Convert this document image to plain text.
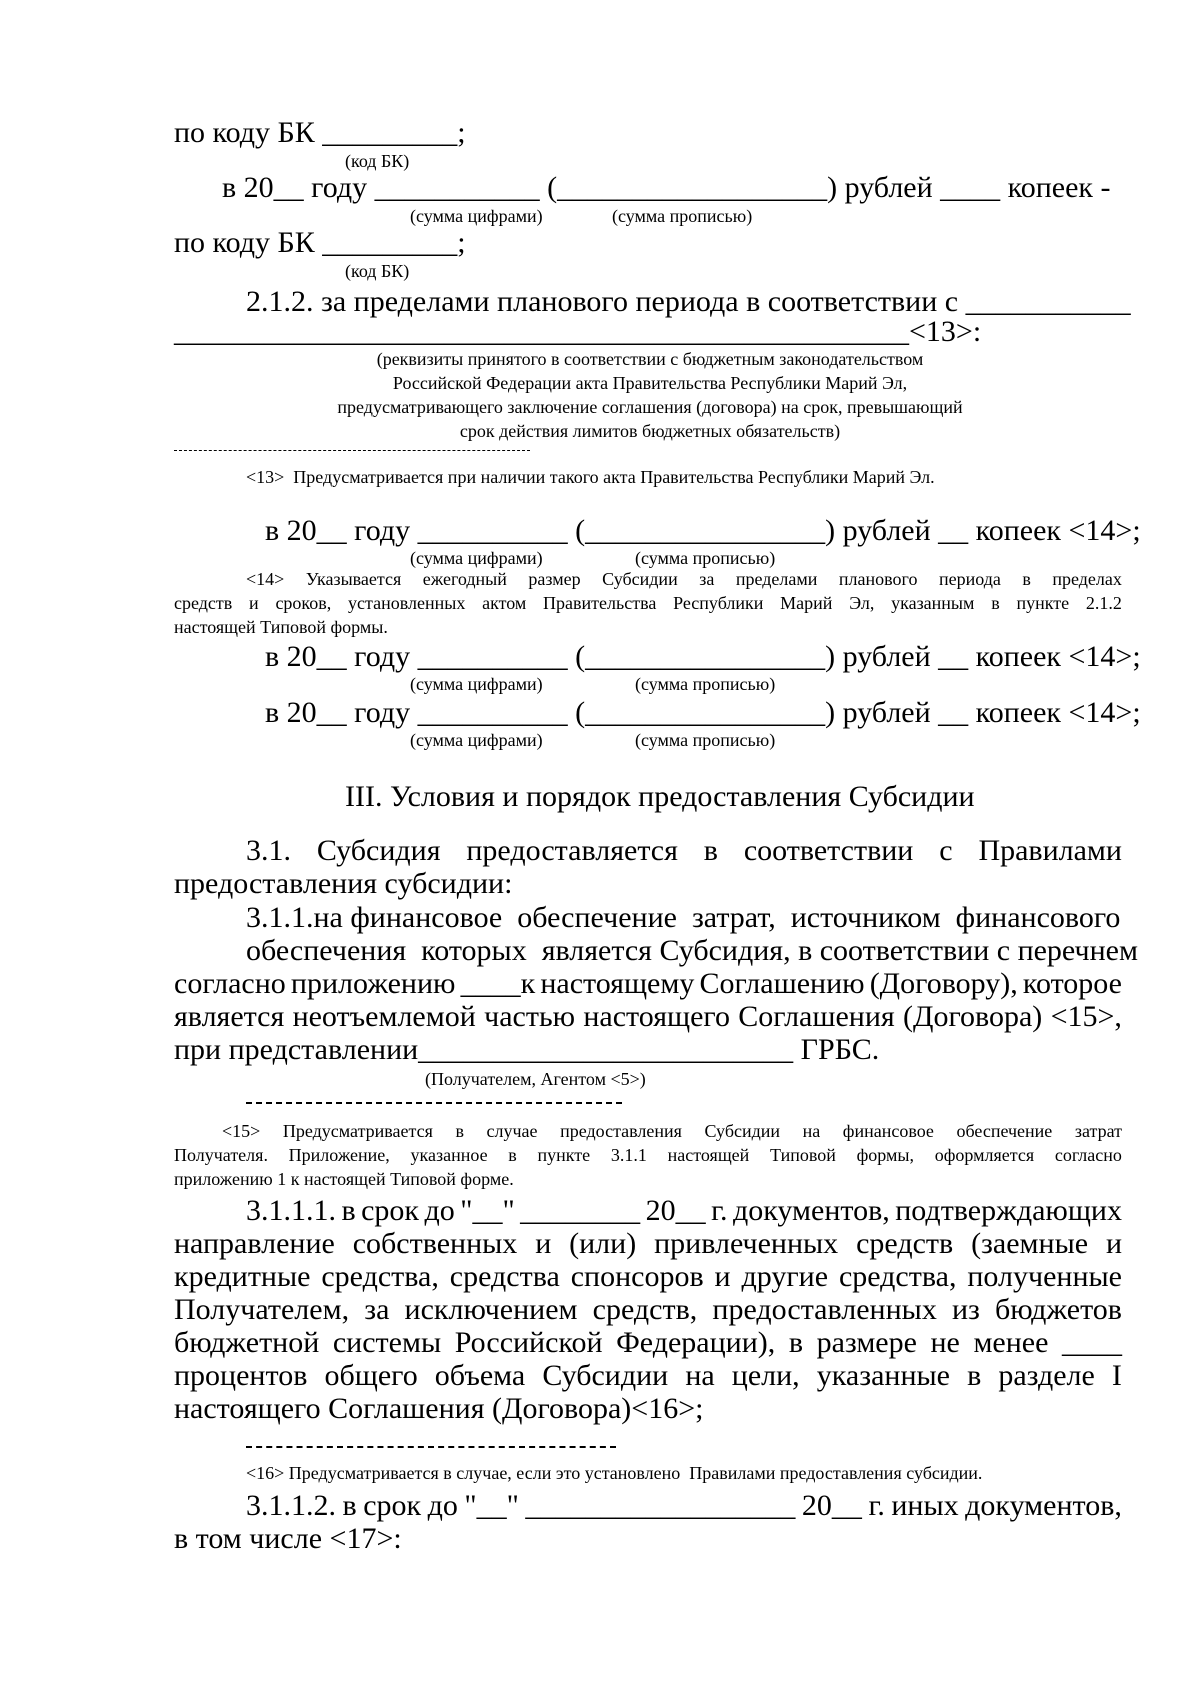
по коду БК _________;
(код БК)
в 20__ году ___________ (__________________) рублей ____ копеек -
(сумма цифрами)	(сумма прописью)
по коду БК _________;
(код БК)
2.1.2. за пределами планового периода в соответствии с ___________
_________________________________________________<13>:
(реквизиты принятого в соответствии с бюджетным законодательством
Российской Федерации акта Правительства Республики Марий Эл,
предусматривающего заключение соглашения (договора) на срок, превышающий
срок действия лимитов бюджетных обязательств)
<13>  Предусматривается при наличии такого акта Правительства Республики Марий Эл.
в 20__ году __________ (________________) рублей __ копеек <14>;
(сумма цифрами)	(сумма прописью)
<14> Указывается ежегодный размер Субсидии за пределами планового периода в пределах
средств и сроков, установленных актом Правительства Республики Марий Эл, указанным в пункте 2.1.2
настоящей Типовой формы.
в 20__ году __________ (________________) рублей __ копеек <14>;
(сумма цифрами)	(сумма прописью)
в 20__ году __________ (________________) рублей __ копеек <14>;
(сумма цифрами)	(сумма прописью)
III. Условия и порядок предоставления Субсидии
3.1. Субсидия предоставляется в соответствии с Правилами
предоставления субсидии:
3.1.1.на финансовое  обеспечение  затрат,  источником  финансового
обеспечения  которых  является Субсидия, в соответствии с перечнем
согласно приложению ____к настоящему Соглашению (Договору), которое
является неотъемлемой частью настоящего Соглашения (Договора) <15>,
при представлении_________________________ ГРБС.
(Получателем, Агентом <5>)
<15> Предусматривается в случае предоставления Субсидии на финансовое обеспечение затрат
Получателя. Приложение, указанное в пункте 3.1.1 настоящей Типовой формы, оформляется согласно
приложению 1 к настоящей Типовой форме.
3.1.1.1. в срок до "__" ________ 20__ г. документов, подтверждающих
направление собственных и (или) привлеченных средств (заемные и
кредитные средства, средства спонсоров и другие средства, полученные
Получателем, за исключением средств, предоставленных из бюджетов
бюджетной системы Российской Федерации), в размере не менее ____
процентов общего объема Субсидии на цели, указанные в разделе I
настоящего Соглашения (Договора)<16>;
<16> Предусматривается в случае, если это установлено  Правилами предоставления субсидии.
3.1.1.2. в срок до "__" __________________ 20__ г. иных документов,
в том числе <17>:
